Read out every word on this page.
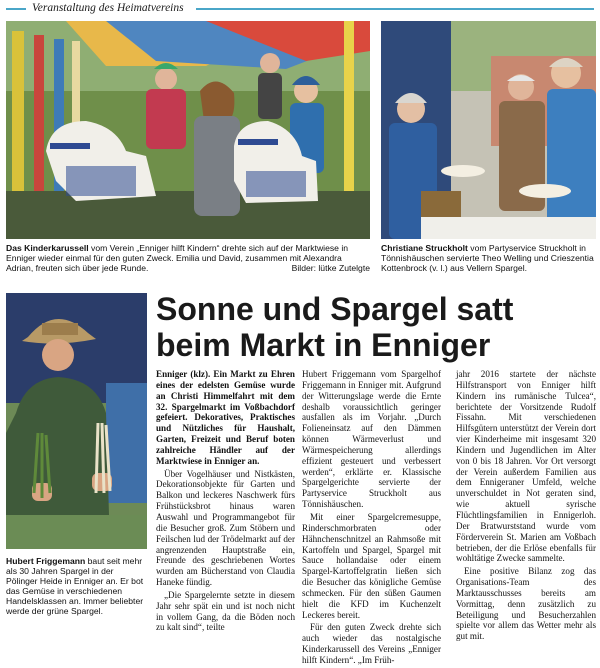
Veranstaltung des Heimatvereins
Das Kinderkarussell vom Verein „Enniger hilft Kindern“ drehte sich auf der Marktwiese in Enniger wieder einmal für den guten Zweck. Emilia und David, zusammen mit Alexandra Adrian, freuten sich über jede Runde.	Bilder: lütke Zutelgte
Christiane Struckholt vom Partyservice Struckholt in Tönnishäuschen servierte Theo Welling und Crieszentia Kottenbrock (v. l.) aus Vellern Spargel.
Hubert Friggemann baut seit mehr als 30 Jahren Spargel in der Pölinger Heide in Enniger an. Er bot das Gemüse in verschiedenen Handelsklassen an. Immer beliebter werde der grüne Spargel.
Sonne und Spargel satt
beim Markt in Enniger

Enniger (klz). Ein Markt zu Ehren eines der edelsten Gemüse wurde an Christi Himmelfahrt mit dem 32. Spargelmarkt im Voßbachdorf gefeiert. Dekoratives, Praktisches und Nützliches für Haushalt, Garten, Freizeit und Beruf boten zahlreiche Händler auf der Marktwiese in Enniger an.

Über Vogelhäuser und Nistkästen, Dekorationsobjekte für Garten und Balkon und leckeres Naschwerk fürs Frühstücksbrot hinaus waren Auswahl und Programmangebot für die Besucher groß. Zum Stöbern und Feilschen lud der Trödelmarkt auf der angrenzenden Hauptstraße ein, Freunde des geschriebenen Wortes wurden am Bücherstand von Claudia Haneke fündig.

„Die Spargelernte setzte in diesem Jahr sehr spät ein und ist noch nicht in vollem Gang, da die Böden noch zu kalt sind“, teilte

Hubert Friggemann vom Spargelhof Friggemann in Enniger mit. Aufgrund der Witterungslage werde die Ernte deshalb voraussichtlich geringer ausfallen als im Vorjahr. „Durch Folieneinsatz auf den Dämmen können Wärmeverlust und Wärmespeicherung allerdings effizient gesteuert und verbessert werden“, erklärte er. Klassische Spargelgerichte servierte der Partyservice Struckholt aus Tönnishäuschen.

Mit einer Spargelcremesuppe, Rinderschmorbraten oder Hähnchenschnitzel an Rahmsoße mit Kartoffeln und Spargel, Spargel mit Sauce hollandaise oder einem Spargel-Kartoffelgratin ließen sich die Besucher das königliche Gemüse schmecken. Für den süßen Gaumen hielt die KFD im Kuchenzelt Leckeres bereit.

Für den guten Zweck drehte sich auch wieder das nostalgische Kinderkarussell des Vereins „Enniger hilft Kindern“. „Im Früh-

jahr 2016 startete der nächste Hilfstransport von Enniger hilft Kindern ins rumänische Tulcea“, berichtete der Vorsitzende Rudolf Fissahn. Mit verschiedenen Hilfsgütern unterstützt der Verein dort vier Kinderheime mit insgesamt 320 Kindern und Jugendlichen im Alter von 0 bis 18 Jahren. Vor Ort versorgt der Verein außerdem Familien aus dem Ennigeraner Umfeld, welche unverschuldet in Not geraten sind, wie aktuell syrische Flüchtlingsfamilien in Ennigerloh. Der Bratwurststand wurde vom Förderverein St. Marien am Voßbach betrieben, der die Erlöse ebenfalls für wohltätige Zwecke sammelte.

Eine positive Bilanz zog das Organisations-Team des Marktausschusses bereits am Vormittag, denn zusätzlich zu Beteiligung und Besucherzahlen spielte vor allem das Wetter mehr als gut mit.
